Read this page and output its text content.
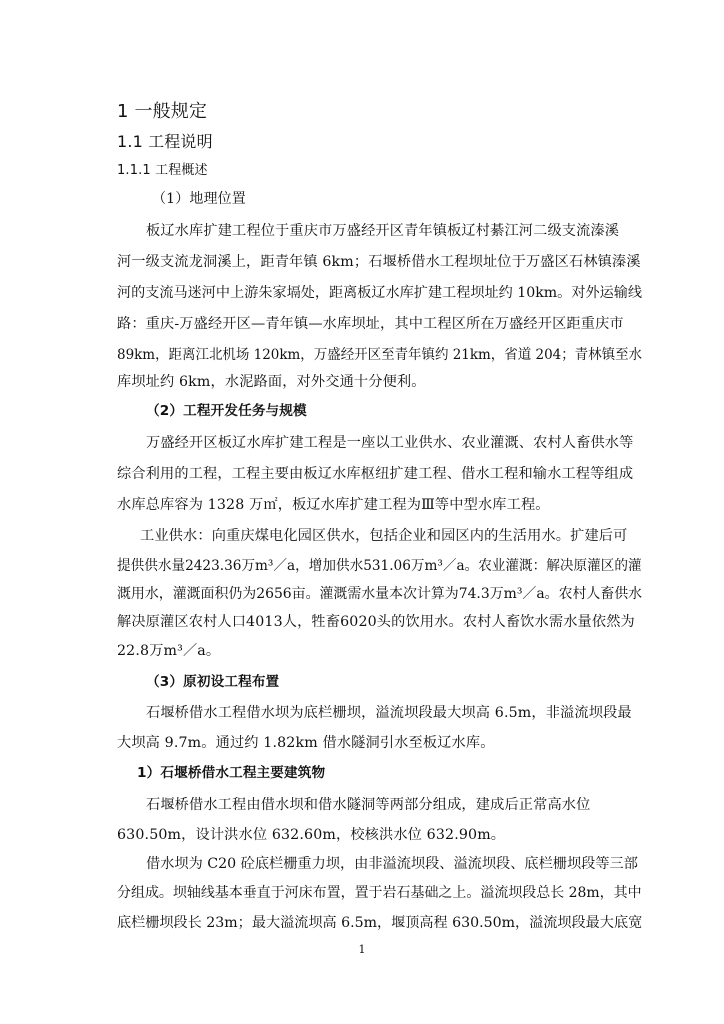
1 一般规定
1.1 工程说明
1.1.1 工程概述
（1）地理位置
板辽水库扩建工程位于重庆市万盛经开区青年镇板辽村綦江河二级支流溱溪
河一级支流龙洞溪上，距青年镇 6km；石堰桥借水工程坝址位于万盛区石林镇溱溪
河的支流马迷河中上游朱家塥处，距离板辽水库扩建工程坝址约 10km。对外运输线
路：重庆-万盛经开区—青年镇—水库坝址，其中工程区所在万盛经开区距重庆市
89km，距离江北机场 120km，万盛经开区至青年镇约 21km，省道 204；青林镇至水
库坝址约 6km，水泥路面，对外交通十分便利。
（2）工程开发任务与规模
万盛经开区板辽水库扩建工程是一座以工业供水、农业灌溉、农村人畜供水等
综合利用的工程，工程主要由板辽水库枢纽扩建工程、借水工程和输水工程等组成
水库总库容为 1328 万㎡，板辽水库扩建工程为Ⅲ等中型水库工程。
工业供水：向重庆煤电化园区供水，包括企业和园区内的生活用水。扩建后可
提供供水量2423.36万m³／a，增加供水531.06万m³／a。农业灌溉：解决原灌区的灌
溉用水，灌溉面积仍为2656亩。灌溉需水量本次计算为74.3万m³／a。农村人畜供水
解决原灌区农村人口4013人，牲畜6020头的饮用水。农村人畜饮水需水量依然为
22.8万m³／a。
（3）原初设工程布置
石堰桥借水工程借水坝为底栏栅坝，溢流坝段最大坝高 6.5m，非溢流坝段最
大坝高 9.7m。通过约 1.82km 借水隧洞引水至板辽水库。
1）石堰桥借水工程主要建筑物
石堰桥借水工程由借水坝和借水隧洞等两部分组成，建成后正常高水位
630.50m，设计洪水位 632.60m，校核洪水位 632.90m。
借水坝为 C20 砼底栏栅重力坝，由非溢流坝段、溢流坝段、底栏栅坝段等三部
分组成。坝轴线基本垂直于河床布置，置于岩石基础之上。溢流坝段总长 28m，其中
底栏栅坝段长 23m；最大溢流坝高 6.5m，堰顶高程 630.50m，溢流坝段最大底宽
1
